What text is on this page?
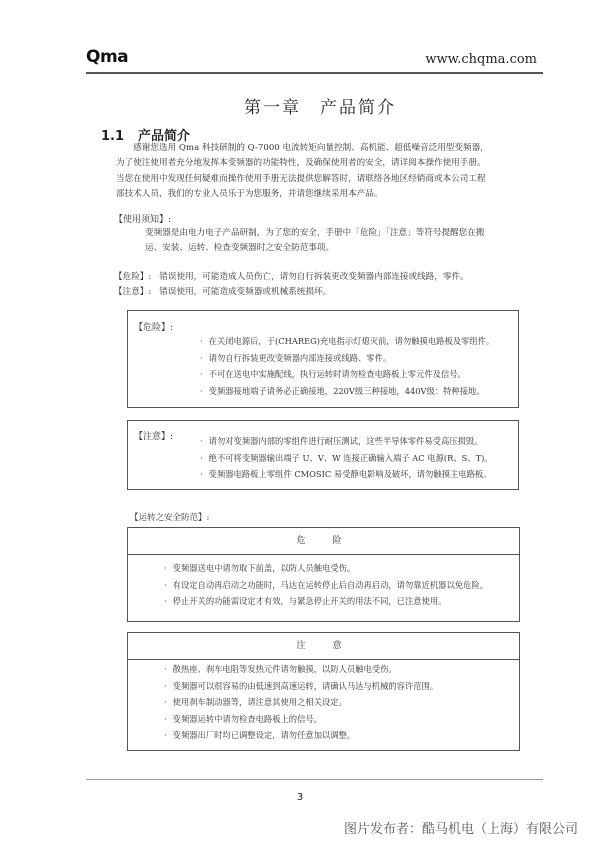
Qma	www.chqma.com
第一章　产品简介
1.1 产品简介
感谢您选用 Qma 科技研制的 Q-7000 电流转矩向量控制、高机能、超低噪音泛用型变频器，为了使注使用者充分地发挥本变频器的功能特性，及确保使用者的安全，请详阅本操作使用手册。当您在使用中发现任何疑难而操作使用手册无法提供您解答时，请联络各地区经销商或本公司工程部技术人员，我们的专业人员乐于为您服务，并请您继续采用本产品。
【使用须知】:
变频器是由电力电子产品研制，为了您的安全，手册中「危险」「注意」等符号提醒您在搬运、安装、运转、检查变频器时之安全防范事项。
【危险】: 错误使用，可能造成人员伤亡，请勿自行拆装更改变频器内部连接或线路，零件。
【注意】: 错误使用，可能造成变频器或机械系统损坏。
【危险】:
· 在关闭电源后，于(CHAREG)充电指示灯熄灭前，请勿触摸电路板及零组件。
· 请勿自行拆装更改变频器内部连接或线路、零件。
· 不可在送电中实施配线，执行运转时请勿检查电路板上零元件及信号。
· 变频器接地端子请务必正确接地，220V级三种接地，440V级：特种接地。
【注意】:
·	请勿对变频器内部的零组件进行耐压测试，这些半导体零件易受高压损毁。
· 绝不可将变频器输出端子 U、V、W 连接正确输入端子 AC 电源(R、S、T)。
· 变频器电路板上零组件 CMOSIC 易受静电影响及破坏，请勿触摸主电路板。
【运转之安全防范】:
危　险
· 变频器送电中请勿取下前盖，以防人员触电受伤。
· 有设定自动再启动之功能时，马达在运转停止后自动再启动，请勿靠近机器以免危险。
· 停止开关的功能需设定才有效，与紧急停止开关的用法不同，已注意使用。
注　意
· 散热座、刹车电阻等发热元件请勿触摸，以防人员触电受伤。
· 变频器可以很容易的由低速到高速运转，请确认马达与机械的容许范围。
· 使用刹车制动器等，请注意其使用之相关设定。
· 变频器运转中请勿检查电路板上的信号。
· 变频器出厂时均已调整设定，请勿任意加以调整。
3
图片发布者：酷马机电（上海）有限公司
